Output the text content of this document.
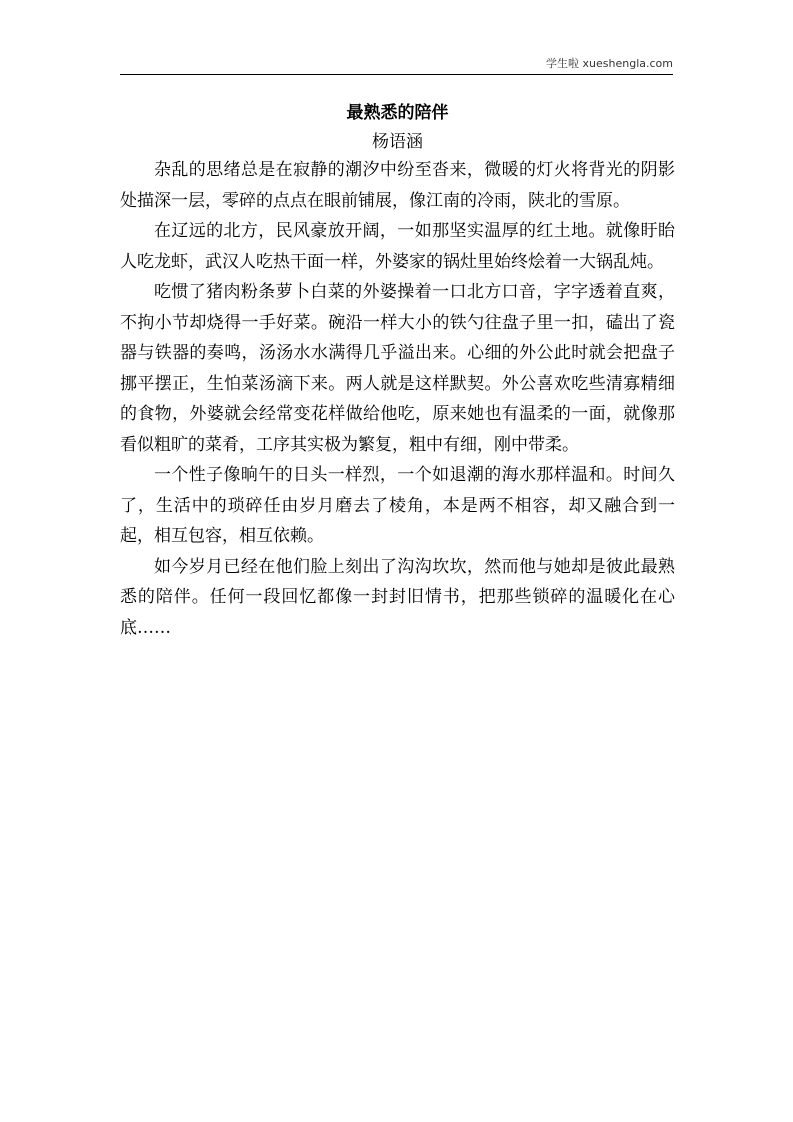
学生啦 xueshengla.com
最熟悉的陪伴

杨语涵

杂乱的思绪总是在寂静的潮汐中纷至沓来，微暖的灯火将背光的阴影处描深一层，零碎的点点在眼前铺展，像江南的冷雨，陕北的雪原。

在辽远的北方，民风豪放开阔，一如那坚实温厚的红土地。就像盱眙人吃龙虾，武汉人吃热干面一样，外婆家的锅灶里始终烩着一大锅乱炖。

吃惯了猪肉粉条萝卜白菜的外婆操着一口北方口音，字字透着直爽，不拘小节却烧得一手好菜。碗沿一样大小的铁勺往盘子里一扣，磕出了瓷器与铁器的奏鸣，汤汤水水满得几乎溢出来。心细的外公此时就会把盘子挪平摆正，生怕菜汤滴下来。两人就是这样默契。外公喜欢吃些清寡精细的食物，外婆就会经常变花样做给他吃，原来她也有温柔的一面，就像那看似粗旷的菜肴，工序其实极为繁复，粗中有细，刚中带柔。

一个性子像晌午的日头一样烈，一个如退潮的海水那样温和。时间久了，生活中的琐碎任由岁月磨去了棱角，本是两不相容，却又融合到一起，相互包容，相互依赖。

如今岁月已经在他们脸上刻出了沟沟坎坎，然而他与她却是彼此最熟悉的陪伴。任何一段回忆都像一封封旧情书，把那些锁碎的温暖化在心底……
